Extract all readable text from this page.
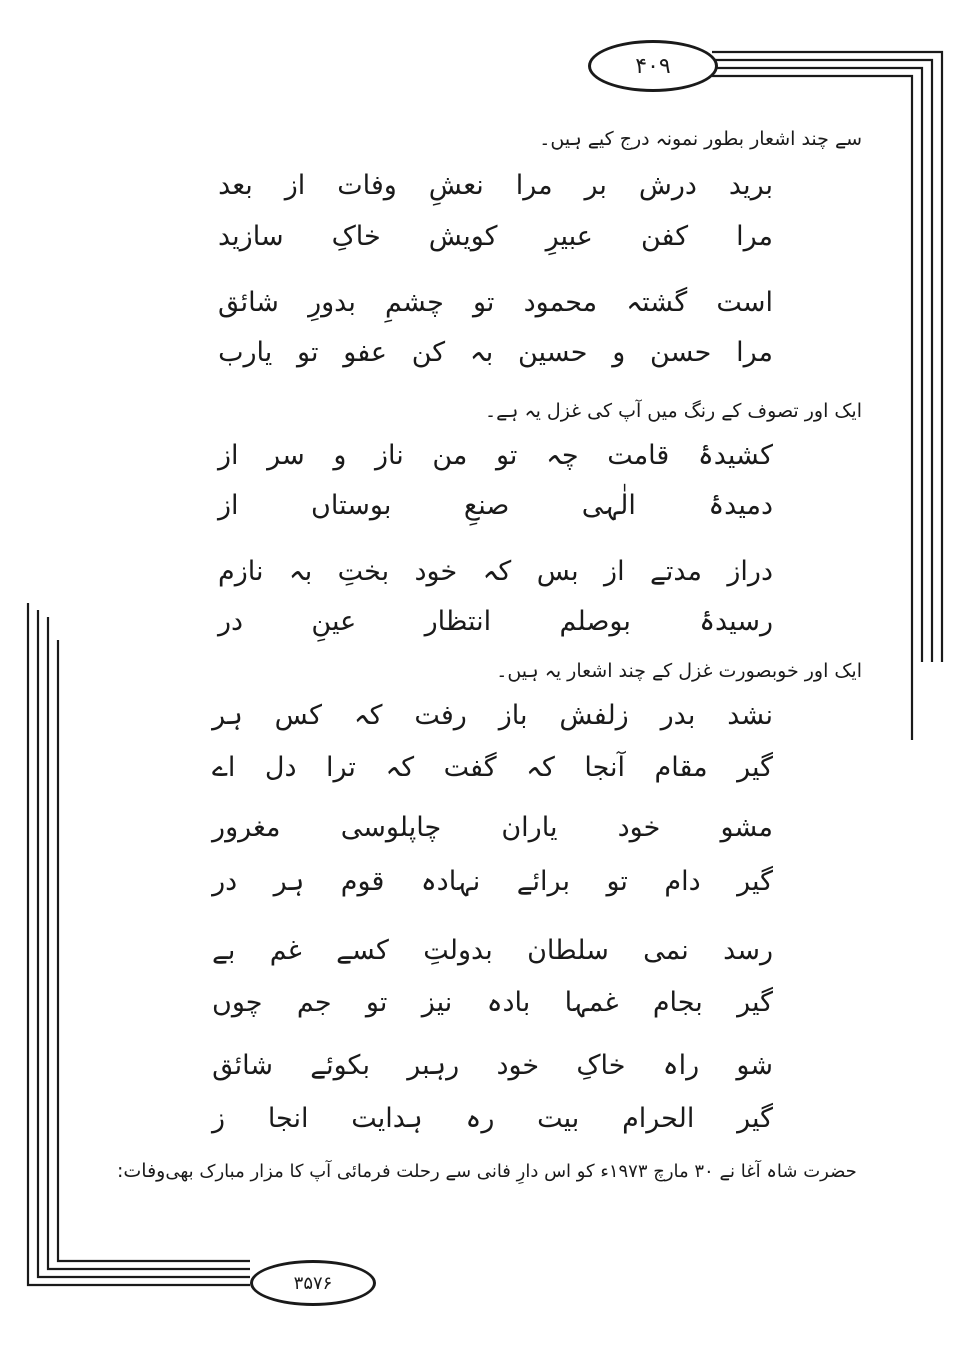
۴۰۹
۳۵۷۶
سے چند اشعار بطور نمونہ درج کیے ہیں۔
بعد از وفات نعشِ مرا بر درش برید
سازید خاکِ کویش عبیرِ کفن مرا
شائق بدورِ چشمِ تو محمود گشتہ است
یارب تو عفو کن بہ حسین و حسن مرا
ایک اور تصوف کے رنگ میں آپ کی غزل یہ ہے۔
از سر و ناز من تو چہ قامت کشیدۂ
از	بوستاں	صنعِ	الٰہی	دمیدۂ
نازم بہ بختِ خود کہ بس از مدتے دراز
در	عینِ	انتظار	بوصلم	رسیدۂ
ایک اور خوبصورت غزل کے چند اشعار یہ ہیں۔
ہر کس کہ رفت باز زلفش بدر نشد
اے دل ترا کہ گفت کہ آنجا مقام گیر
مغرور چاپلوسی یاران خود مشو
در ہر قوم نہادہ برائے تو دام گیر
بے غم کسے بدولتِ سلطان نمی رسد
چوں جم تو نیز بادہ غمہا بجام گیر
شائق بکوئے رہبر خود خاکِ راہ شو
ز انجا ہدایت رہ بیت الحرام گیر
وفات: حضرت شاہ آغا نے ۳۰ مارچ ۱۹۷۳ء کو اس دارِ فانی سے رحلت فرمائی آپ کا مزار مبارک بھی
